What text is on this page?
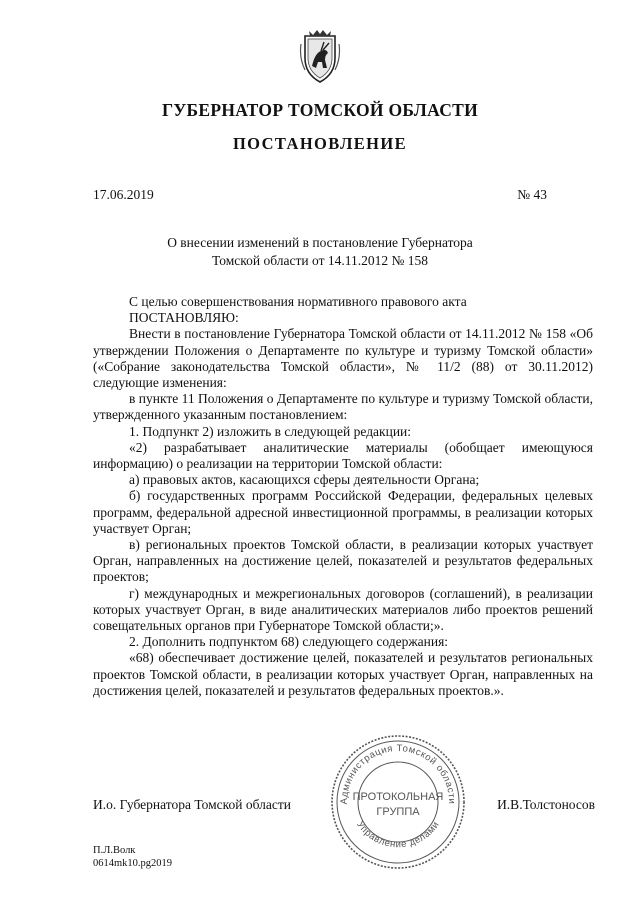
ГУБЕРНАТОР ТОМСКОЙ ОБЛАСТИ
ПОСТАНОВЛЕНИЕ
17.06.2019	№ 43
О внесении изменений в постановление Губернатора
Томской области от 14.11.2012 № 158

С целью совершенствования нормативного правового акта

ПОСТАНОВЛЯЮ:

Внести в постановление Губернатора Томской области от 14.11.2012 № 158 «Об утверждении Положения о Департаменте по культуре и туризму Томской области» («Собрание законодательства Томской области», № 11/2 (88) от 30.11.2012) следующие изменения:

в пункте 11 Положения о Департаменте по культуре и туризму Томской области, утвержденного указанным постановлением:

1. Подпункт 2) изложить в следующей редакции:

«2) разрабатывает аналитические материалы (обобщает имеющуюся информацию) о реализации на территории Томской области:

а) правовых актов, касающихся сферы деятельности Органа;

б) государственных программ Российской Федерации, федеральных целевых программ, федеральной адресной инвестиционной программы, в реализации которых участвует Орган;

в) региональных проектов Томской области, в реализации которых участвует Орган, направленных на достижение целей, показателей и результатов федеральных проектов;

г) международных и межрегиональных договоров (соглашений), в реализации которых участвует Орган, в виде аналитических материалов либо проектов решений совещательных органов при Губернаторе Томской области;».

2. Дополнить подпунктом 68) следующего содержания:

«68) обеспечивает достижение целей, показателей и результатов региональных проектов Томской области, в реализации которых участвует Орган, направленных на достижения целей, показателей и результатов федеральных проектов.».

И.о. Губернатора Томской области	И.В.Толстоносов
Администрация Томской области
Управление делами
ПРОТОКОЛЬНАЯ
ГРУППА
П.Л.Волк
0614mk10.pg2019
